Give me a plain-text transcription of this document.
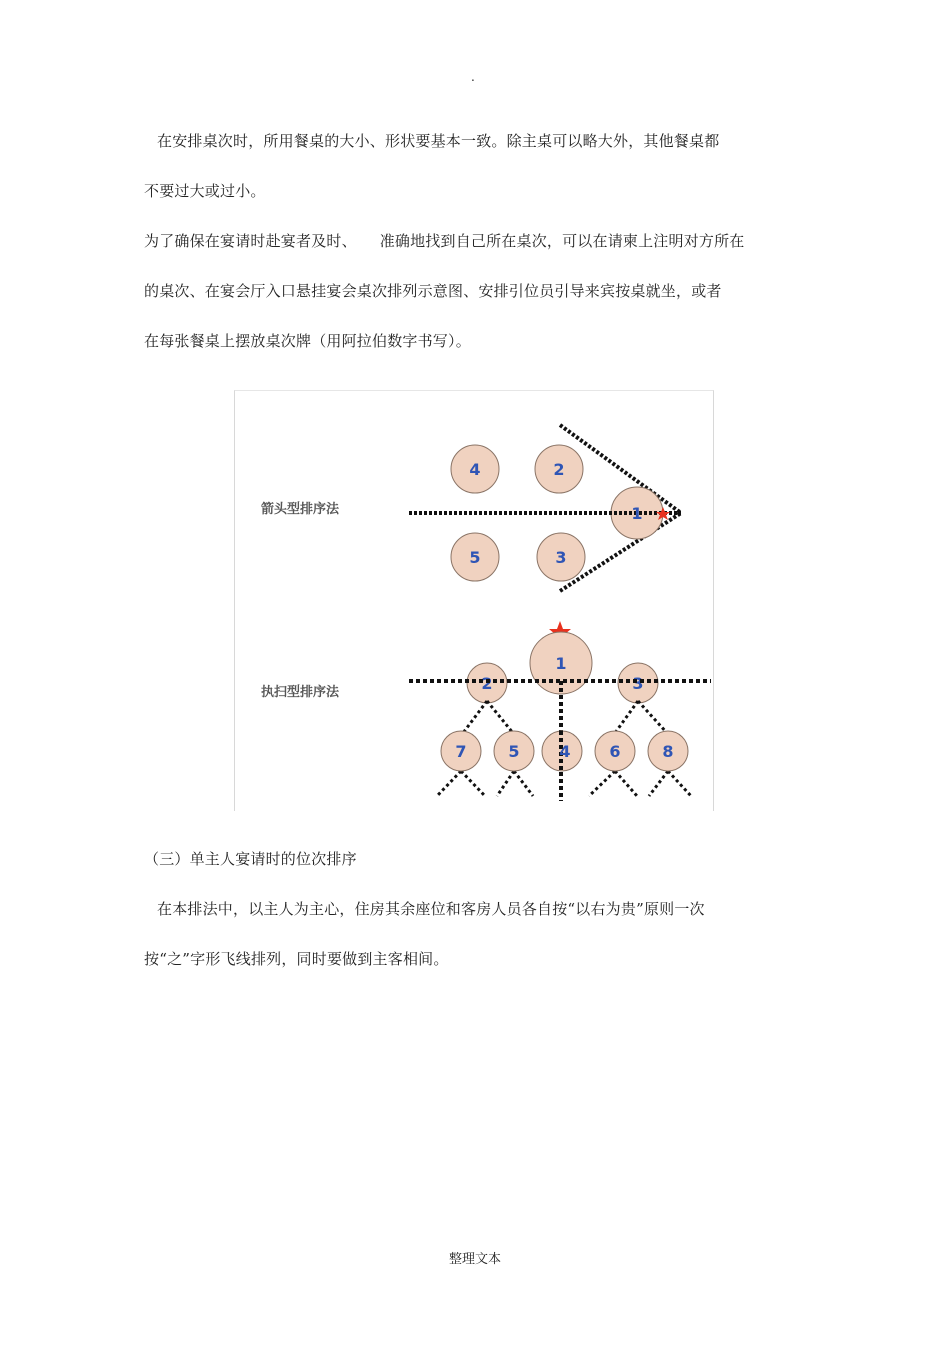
.
在安排桌次时，所用餐桌的大小、形状要基本一致。除主桌可以略大外，其他餐桌都
不要过大或过小。
为了确保在宴请时赴宴者及时、　　准确地找到自己所在桌次，可以在请柬上注明对方所在
的桌次、在宴会厅入口悬挂宴会桌次排列示意图、安排引位员引导来宾按桌就坐，或者
在每张餐桌上摆放桌次牌（用阿拉伯数字书写）。
箭头型排序法
4	2
1
5	3
执扫型排序法
1
2	3
7	5 4 6	8
（三）单主人宴请时的位次排序
在本排法中，以主人为主心，住房其余座位和客房人员各自按“以右为贵”原则一次
按“之”字形飞线排列，同时要做到主客相间。
整理文本
